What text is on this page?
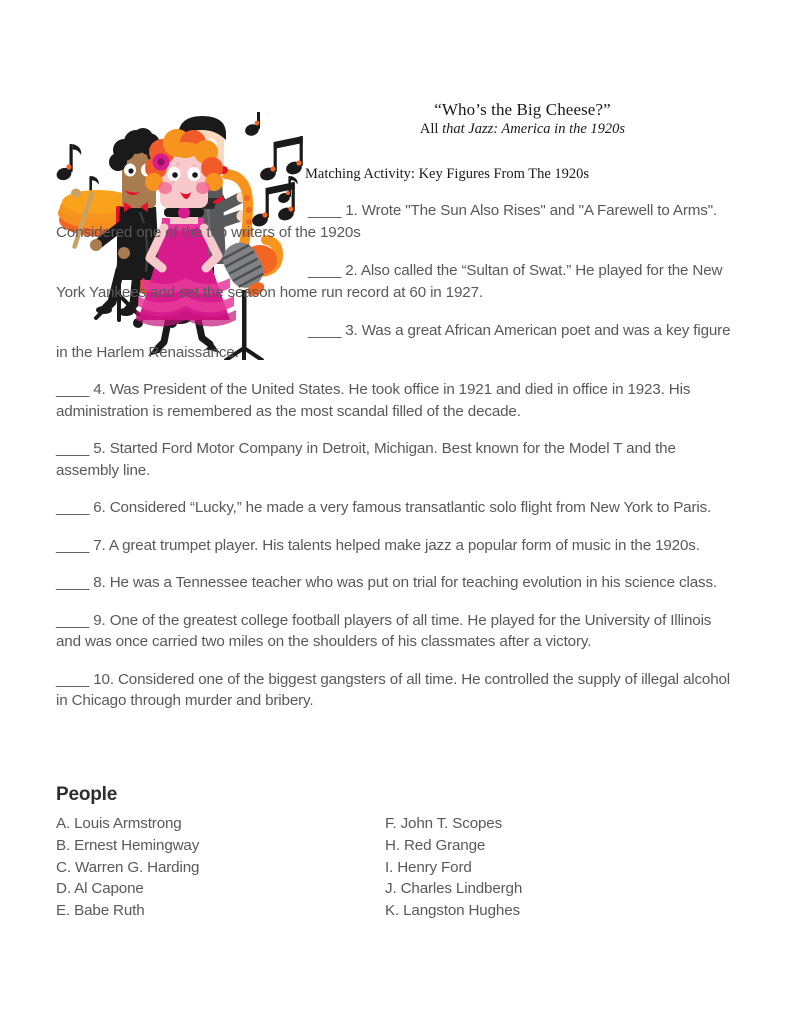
“Who’s the Big Cheese?”
All that Jazz: America in the 1920s
Matching Activity: Key Figures From The 1920s

____ 1. Wrote "The Sun Also Rises" and "A Farewell to Arms". Considered one of the top writers of the 1920s

____ 2. Also called the “Sultan of Swat.” He played for the New York Yankees and set the season home run record at 60 in 1927.

____ 3. Was a great African American poet and was a key figure in the Harlem Renaissance.

____ 4. Was President of the United States. He took office in 1921 and died in office in 1923. His administration is remembered as the most scandal filled of the decade.

____ 5. Started Ford Motor Company in Detroit, Michigan. Best known for the Model T and the assembly line.

____ 6. Considered “Lucky,” he made a very famous transatlantic solo flight from New York to Paris.

____ 7. A great trumpet player. His talents helped make jazz a popular form of music in the 1920s.

____ 8. He was a Tennessee teacher who was put on trial for teaching evolution in his science class.

____ 9. One of the greatest college football players of all time. He played for the University of Illinois and was once carried two miles on the shoulders of his classmates after a victory.

____ 10. Considered one of the biggest gangsters of all time. He controlled the supply of illegal alcohol in Chicago through murder and bribery.

People
A. Louis Armstrong
B. Ernest Hemingway
C. Warren G. Harding
D. Al Capone
E. Babe Ruth
F. John T. Scopes
H. Red Grange
I. Henry Ford
J. Charles Lindbergh
K. Langston Hughes
